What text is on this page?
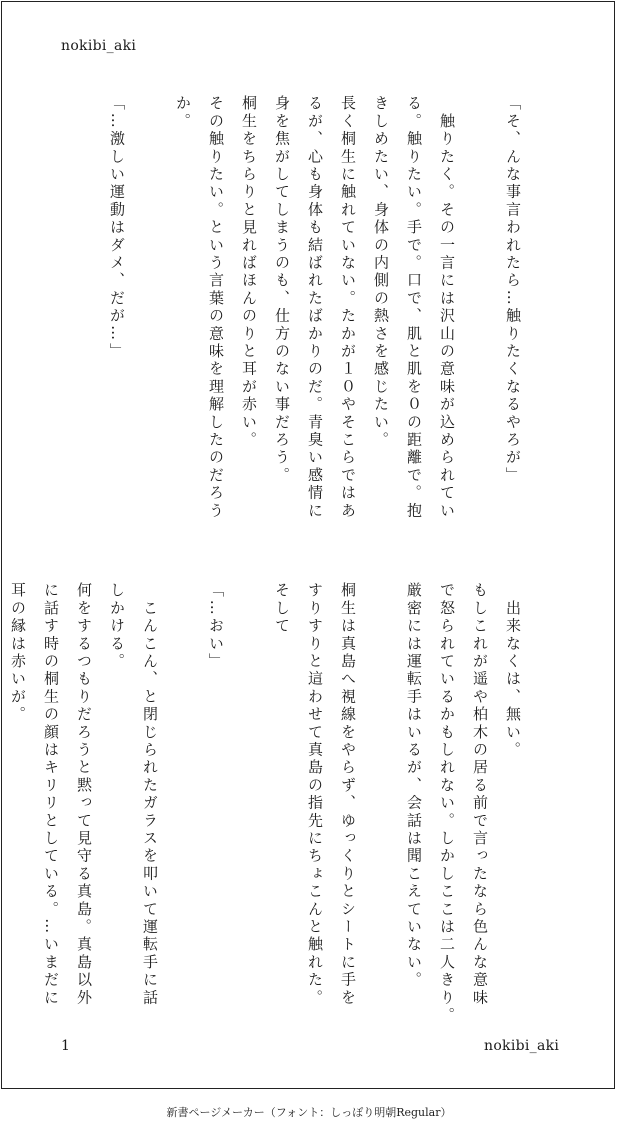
nokibi_aki
「そ、んな事言われたら…触りたくなるやろが」
　触りたく。その一言には沢山の意味が込められてい
る。触りたい。手で。口で、肌と肌を０の距離で。抱
きしめたい、身体の内側の熱さを感じたい。
長く桐生に触れていない。たかが１０やそこらではあ
るが、心も身体も結ばれたばかりのだ。青臭い感情に
身を焦がしてしまうのも、仕方のない事だろう。
桐生をちらりと見ればほんのりと耳が赤い。
その触りたい。という言葉の意味を理解したのだろう
か。
「…激しい運動はダメ、だが…」
　出来なくは、無い。
もしこれが遥や柏木の居る前で言ったなら色んな意味
で怒られているかもしれない。しかしここは二人きり。
厳密には運転手はいるが、会話は聞こえていない。
桐生は真島へ視線をやらず、ゆっくりとシートに手を
すりすりと這わせて真島の指先にちょこんと触れた。
そして
「…おい」
　こんこん、と閉じられたガラスを叩いて運転手に話
しかける。
何をするつもりだろうと黙って見守る真島。真島以外
に話す時の桐生の顔はキリリとしている。…いまだに
耳の縁は赤いが。
1	nokibi_aki
新書ページメーカー（フォント：しっぽり明朝Regular）
